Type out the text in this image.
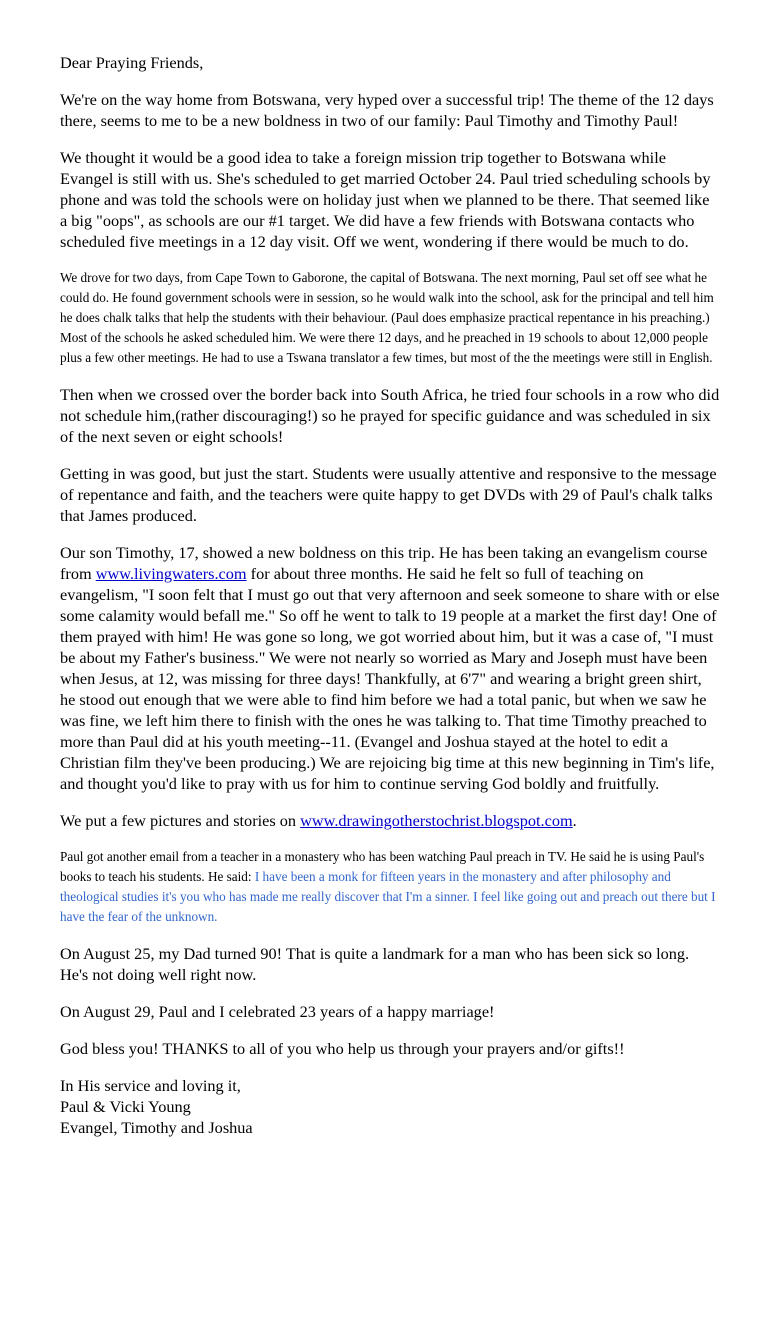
Dear Praying Friends,

We're on the way home from Botswana, very hyped over a successful trip! The theme of the 12 days there, seems to me to be a new boldness in two of our family: Paul Timothy and Timothy Paul!

We thought it would be a good idea to take a foreign mission trip together to Botswana while Evangel is still with us. She's scheduled to get married October 24. Paul tried scheduling schools by phone and was told the schools were on holiday just when we planned to be there. That seemed like a big "oops", as schools are our #1 target. We did have a few friends with Botswana contacts who scheduled five meetings in a 12 day visit. Off we went, wondering if there would be much to do.

We drove for two days, from Cape Town to Gaborone, the capital of Botswana. The next morning, Paul set off see what he could do. He found government schools were in session, so he would walk into the school, ask for the principal and tell him he does chalk talks that help the students with their behaviour. (Paul does emphasize practical repentance in his preaching.) Most of the schools he asked scheduled him. We were there 12 days, and he preached in 19 schools to about 12,000 people plus a few other meetings. He had to use a Tswana translator a few times, but most of the the meetings were still in English.

Then when we crossed over the border back into South Africa, he tried four schools in a row who did not schedule him,(rather discouraging!) so he prayed for specific guidance and was scheduled in six of the next seven or eight schools!

Getting in was good, but just the start. Students were usually attentive and responsive to the message of repentance and faith, and the teachers were quite happy to get DVDs with 29 of Paul's chalk talks that James produced.

Our son Timothy, 17, showed a new boldness on this trip. He has been taking an evangelism course from www.livingwaters.com for about three months. He said he felt so full of teaching on evangelism, "I soon felt that I must go out that very afternoon and seek someone to share with or else some calamity would befall me." So off he went to talk to 19 people at a market the first day! One of them prayed with him! He was gone so long, we got worried about him, but it was a case of, "I must be about my Father's business." We were not nearly so worried as Mary and Joseph must have been when Jesus, at 12, was missing for three days! Thankfully, at 6'7" and wearing a bright green shirt, he stood out enough that we were able to find him before we had a total panic, but when we saw he was fine, we left him there to finish with the ones he was talking to. That time Timothy preached to more than Paul did at his youth meeting--11. (Evangel and Joshua stayed at the hotel to edit a Christian film they've been producing.) We are rejoicing big time at this new beginning in Tim's life, and thought you'd like to pray with us for him to continue serving God boldly and fruitfully.

We put a few pictures and stories on www.drawingotherstochrist.blogspot.com.

Paul got another email from a teacher in a monastery who has been watching Paul preach in TV. He said he is using Paul's books to teach his students. He said: I have been a monk for fifteen years in the monastery and after philosophy and theological studies it's you who has made me really discover that I'm a sinner. I feel like going out and preach out there but I have the fear of the unknown.

On August 25, my Dad turned 90! That is quite a landmark for a man who has been sick so long. He's not doing well right now.

On August 29, Paul and I celebrated 23 years of a happy marriage!

God bless you! THANKS to all of you who help us through your prayers and/or gifts!!

In His service and loving it,
Paul & Vicki Young
Evangel, Timothy and Joshua
